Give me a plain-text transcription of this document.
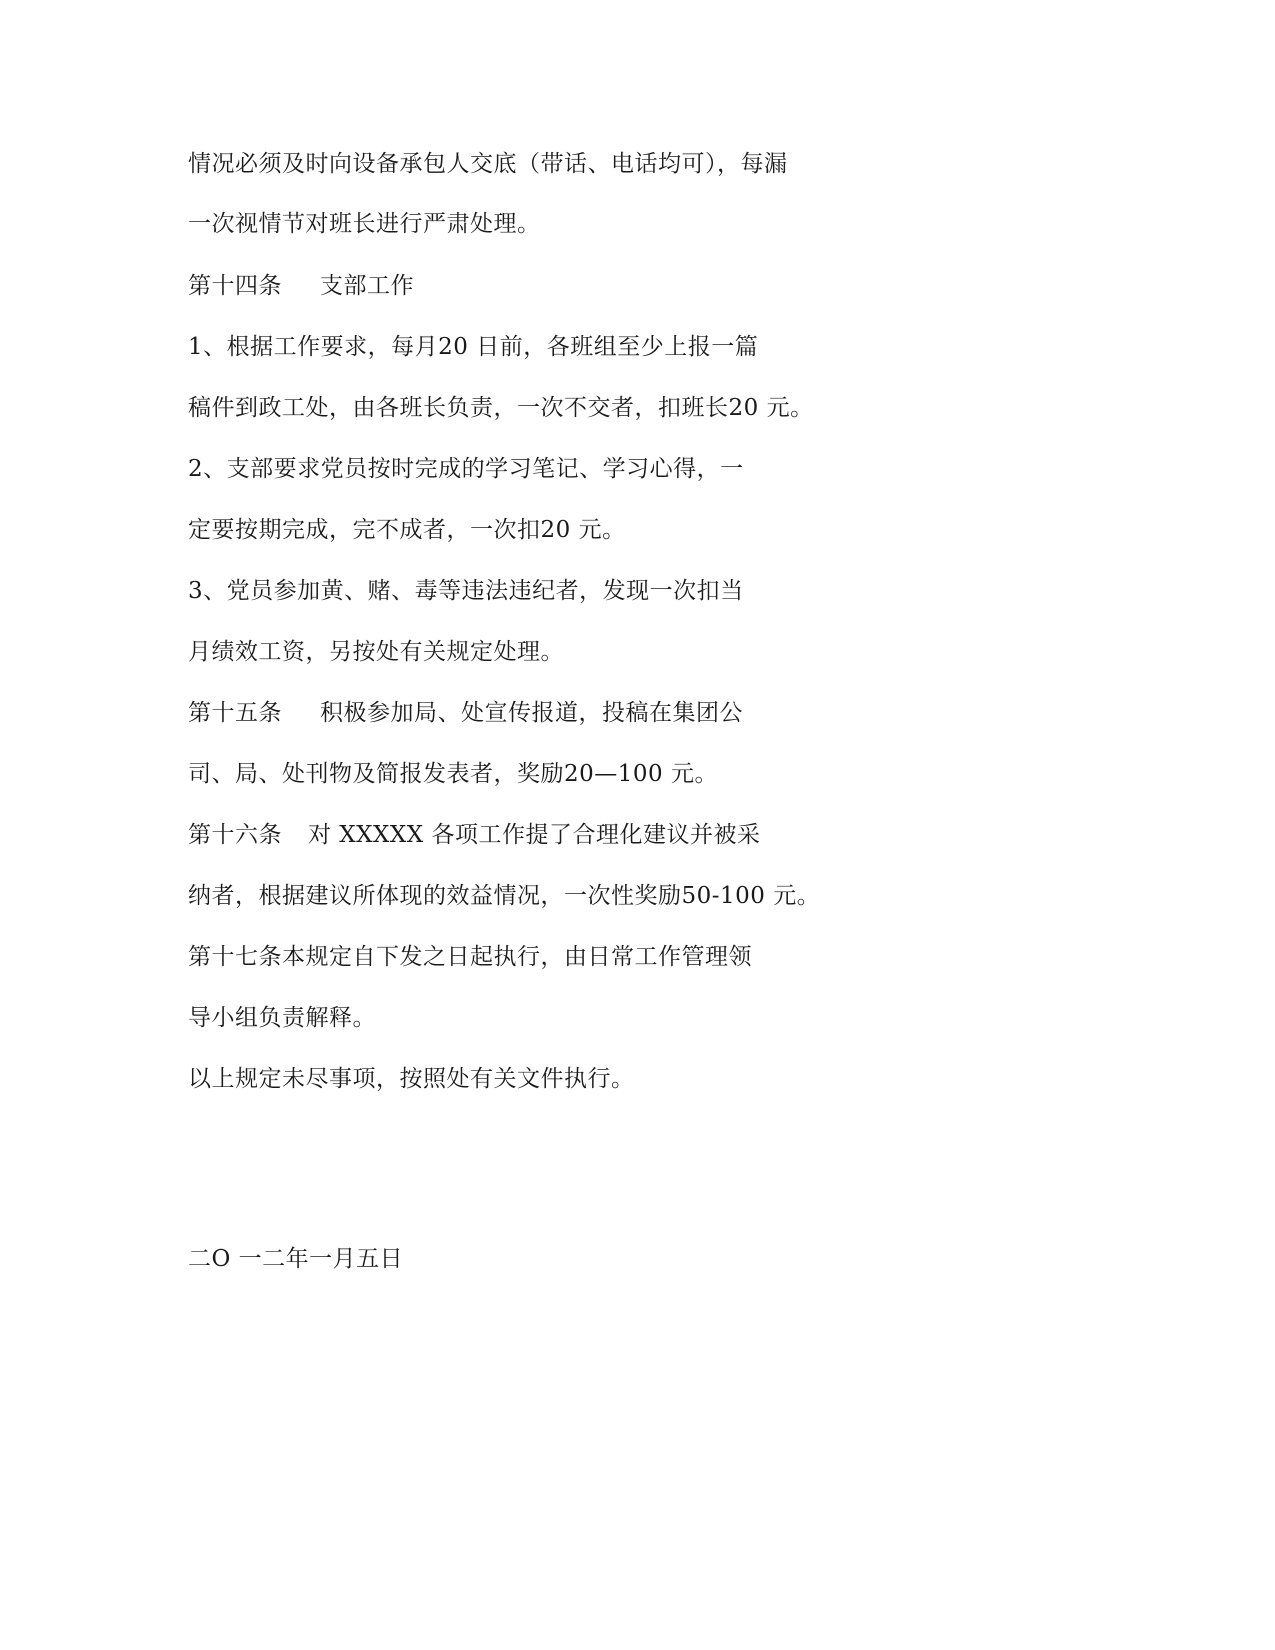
情况必须及时向设备承包人交底（带话、电话均可），每漏
一次视情节对班长进行严肃处理。
第十四条 支部工作
1、根据工作要求，每月20 日前，各班组至少上报一篇
稿件到政工处，由各班长负责，一次不交者，扣班长20 元。
2、支部要求党员按时完成的学习笔记、学习心得，一
定要按期完成，完不成者，一次扣20 元。
3、党员参加黄、赌、毒等违法违纪者，发现一次扣当
月绩效工资，另按处有关规定处理。
第十五条 积极参加局、处宣传报道，投稿在集团公
司、局、处刊物及简报发表者，奖励20—100 元。
第十六条 对 XXXXX 各项工作提了合理化建议并被采
纳者，根据建议所体现的效益情况，一次性奖励50-100 元。
第十七条本规定自下发之日起执行，由日常工作管理领
导小组负责解释。
以上规定未尽事项，按照处有关文件执行。
二O 一二年一月五日
